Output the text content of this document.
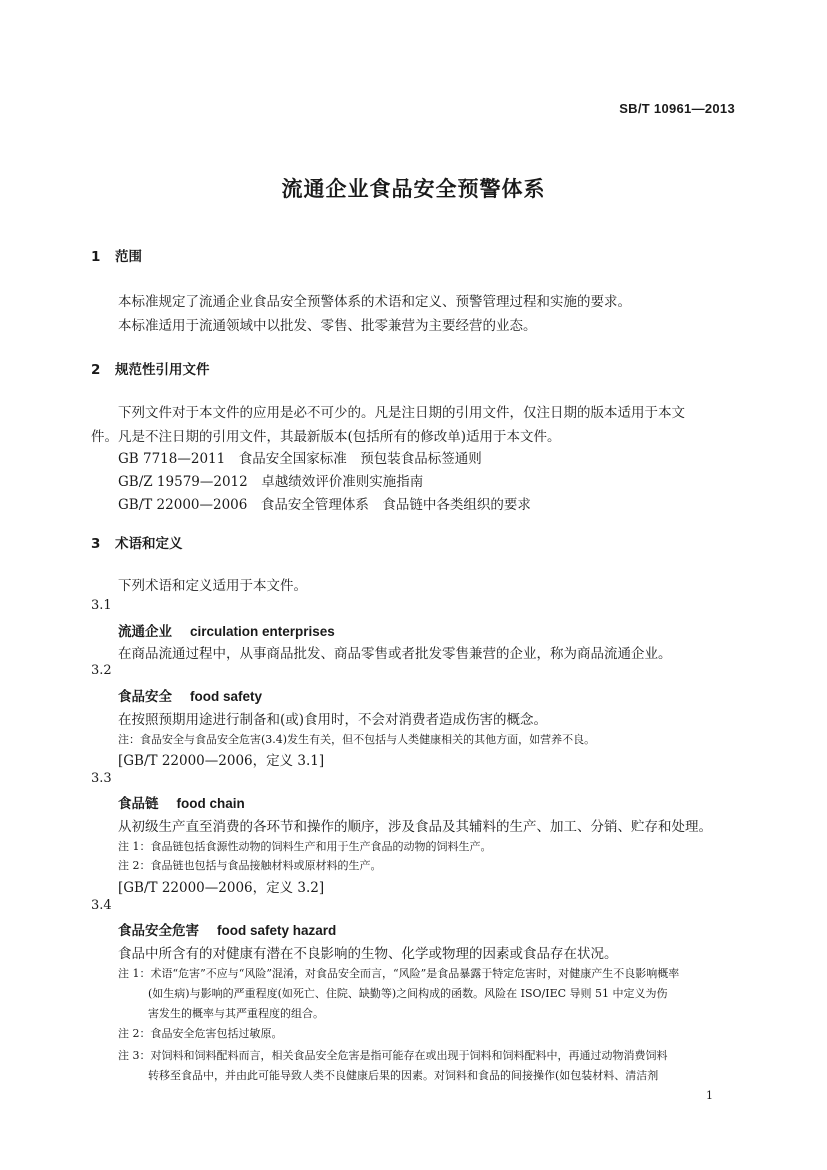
SB/T 10961—2013
流通企业食品安全预警体系
1 范围
本标准规定了流通企业食品安全预警体系的术语和定义、预警管理过程和实施的要求。
本标准适用于流通领域中以批发、零售、批零兼营为主要经营的业态。
2 规范性引用文件
下列文件对于本文件的应用是必不可少的。凡是注日期的引用文件，仅注日期的版本适用于本文
件。凡是不注日期的引用文件，其最新版本(包括所有的修改单)适用于本文件。
GB 7718—2011　食品安全国家标准　预包装食品标签通则
GB/Z 19579—2012　卓越绩效评价准则实施指南
GB/T 22000—2006　食品安全管理体系　食品链中各类组织的要求
3 术语和定义
下列术语和定义适用于本文件。
3.1
流通企业 circulation enterprises
在商品流通过程中，从事商品批发、商品零售或者批发零售兼营的企业，称为商品流通企业。
3.2
食品安全 food safety
在按照预期用途进行制备和(或)食用时，不会对消费者造成伤害的概念。
注：食品安全与食品安全危害(3.4)发生有关，但不包括与人类健康相关的其他方面，如营养不良。
[GB/T 22000—2006，定义 3.1]
3.3
食品链 food chain
从初级生产直至消费的各环节和操作的顺序，涉及食品及其辅料的生产、加工、分销、贮存和处理。
注 1：食品链包括食源性动物的饲料生产和用于生产食品的动物的饲料生产。
注 2：食品链也包括与食品接触材料或原材料的生产。
[GB/T 22000—2006，定义 3.2]
3.4
食品安全危害 food safety hazard
食品中所含有的对健康有潜在不良影响的生物、化学或物理的因素或食品存在状况。
注 1：术语“危害”不应与“风险”混淆，对食品安全而言，“风险”是食品暴露于特定危害时，对健康产生不良影响概率
(如生病)与影响的严重程度(如死亡、住院、缺勤等)之间构成的函数。风险在 ISO/IEC 导则 51 中定义为伤
害发生的概率与其严重程度的组合。
注 2：食品安全危害包括过敏原。
注 3：对饲料和饲料配料而言，相关食品安全危害是指可能存在或出现于饲料和饲料配料中，再通过动物消费饲料
转移至食品中，并由此可能导致人类不良健康后果的因素。对饲料和食品的间接操作(如包装材料、清洁剂
1
